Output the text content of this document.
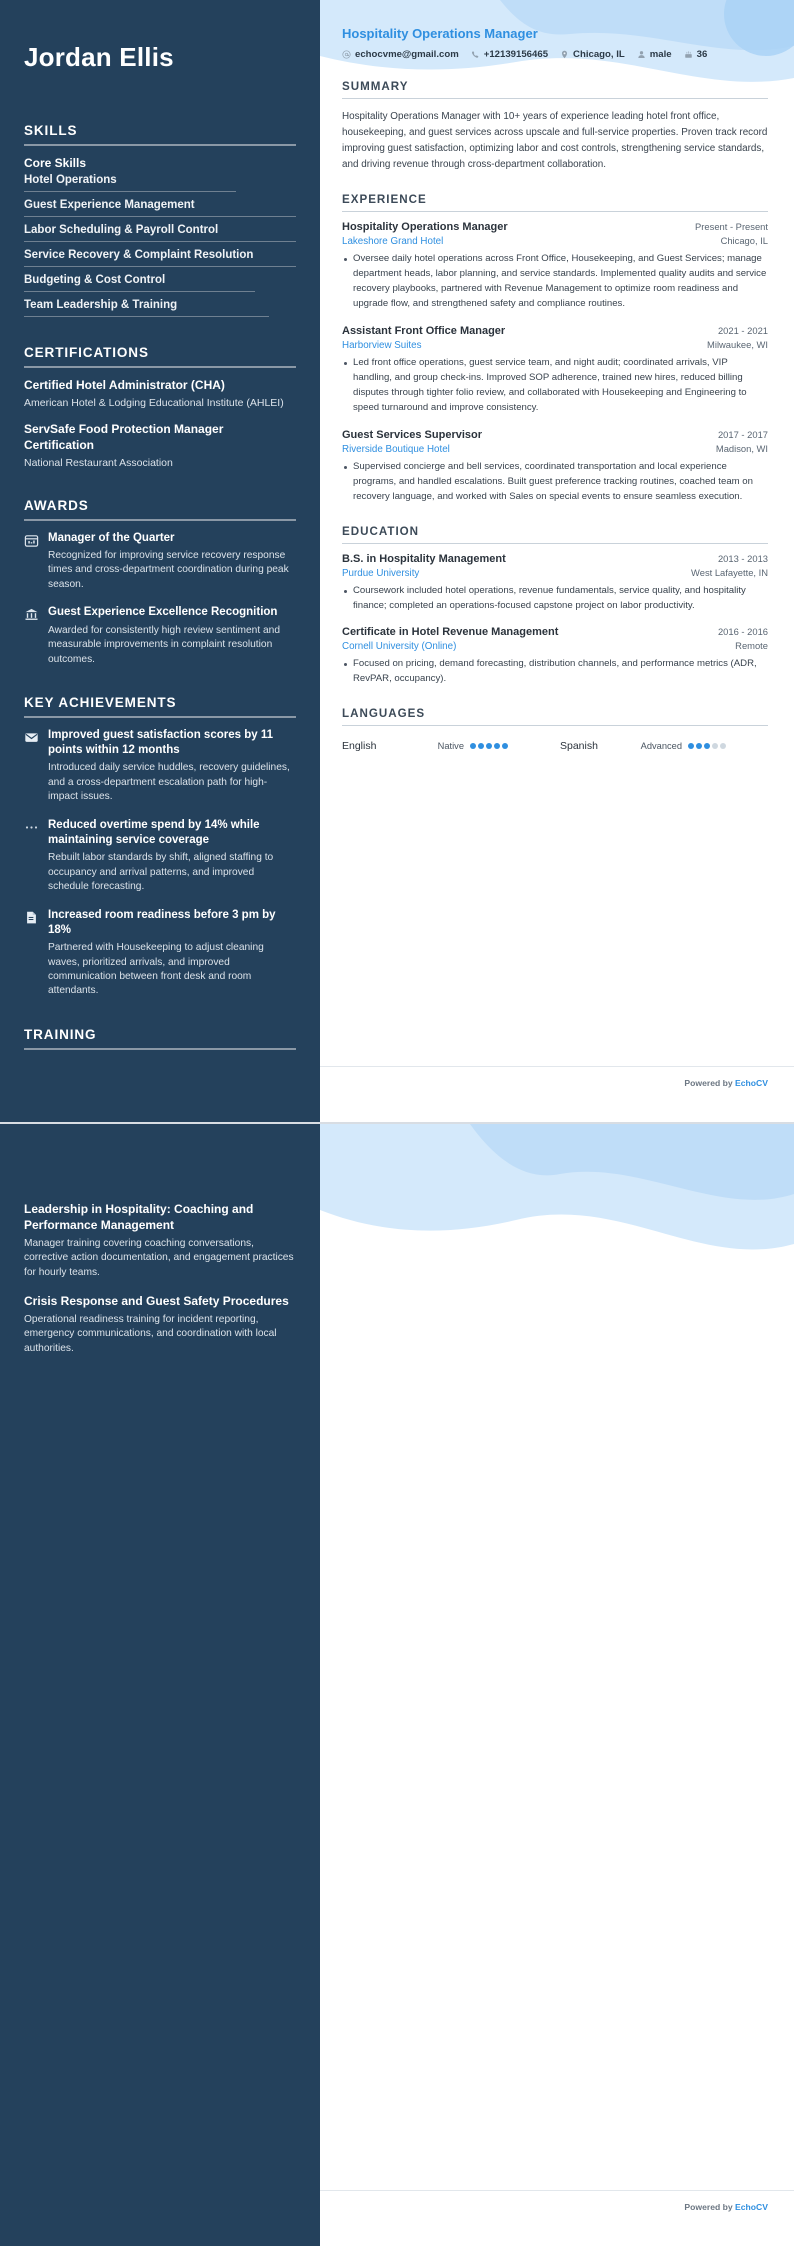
Jordan Ellis
SKILLS
Core Skills
Hotel Operations
Guest Experience Management
Labor Scheduling & Payroll Control
Service Recovery & Complaint Resolution
Budgeting & Cost Control
Team Leadership & Training
CERTIFICATIONS
Certified Hotel Administrator (CHA)
American Hotel & Lodging Educational Institute (AHLEI)
ServSafe Food Protection Manager Certification
National Restaurant Association
AWARDS
Manager of the Quarter
Recognized for improving service recovery response times and cross-department coordination during peak season.
Guest Experience Excellence Recognition
Awarded for consistently high review sentiment and measurable improvements in complaint resolution outcomes.
KEY ACHIEVEMENTS
Improved guest satisfaction scores by 11 points within 12 months
Introduced daily service huddles, recovery guidelines, and a cross-department escalation path for high-impact issues.
Reduced overtime spend by 14% while maintaining service coverage
Rebuilt labor standards by shift, aligned staffing to occupancy and arrival patterns, and improved schedule forecasting.
Increased room readiness before 3 pm by 18%
Partnered with Housekeeping to adjust cleaning waves, prioritized arrivals, and improved communication between front desk and room attendants.
TRAINING
Hospitality Operations Manager
echocvme@gmail.com	+12139156465	Chicago, IL	male	36
SUMMARY

Hospitality Operations Manager with 10+ years of experience leading hotel front office, housekeeping, and guest services across upscale and full-service properties. Proven track record improving guest satisfaction, optimizing labor and cost controls, strengthening service standards, and driving revenue through cross-department collaboration.

EXPERIENCE
Hospitality Operations Manager	Present - Present
Lakeshore Grand Hotel	Chicago, IL
Oversee daily hotel operations across Front Office, Housekeeping, and Guest Services; manage department heads, labor planning, and service standards. Implemented quality audits and service recovery playbooks, partnered with Revenue Management to optimize room readiness and upgrade flow, and strengthened safety and compliance routines.
Assistant Front Office Manager	2021 - 2021
Harborview Suites	Milwaukee, WI
Led front office operations, guest service team, and night audit; coordinated arrivals, VIP handling, and group check-ins. Improved SOP adherence, trained new hires, reduced billing disputes through tighter folio review, and collaborated with Housekeeping and Engineering to speed turnaround and improve consistency.
Guest Services Supervisor	2017 - 2017
Riverside Boutique Hotel	Madison, WI
Supervised concierge and bell services, coordinated transportation and local experience programs, and handled escalations. Built guest preference tracking routines, coached team on recovery language, and worked with Sales on special events to ensure seamless execution.
EDUCATION
B.S. in Hospitality Management	2013 - 2013
Purdue University	West Lafayette, IN
Coursework included hotel operations, revenue fundamentals, service quality, and hospitality finance; completed an operations-focused capstone project on labor productivity.
Certificate in Hotel Revenue Management	2016 - 2016
Cornell University (Online)	Remote
Focused on pricing, demand forecasting, distribution channels, and performance metrics (ADR, RevPAR, occupancy).
LANGUAGES
English	Native	Spanish	Advanced
Powered by EchoCV
Leadership in Hospitality: Coaching and Performance Management
Manager training covering coaching conversations, corrective action documentation, and engagement practices for hourly teams.
Crisis Response and Guest Safety Procedures
Operational readiness training for incident reporting, emergency communications, and coordination with local authorities.
Powered by EchoCV
